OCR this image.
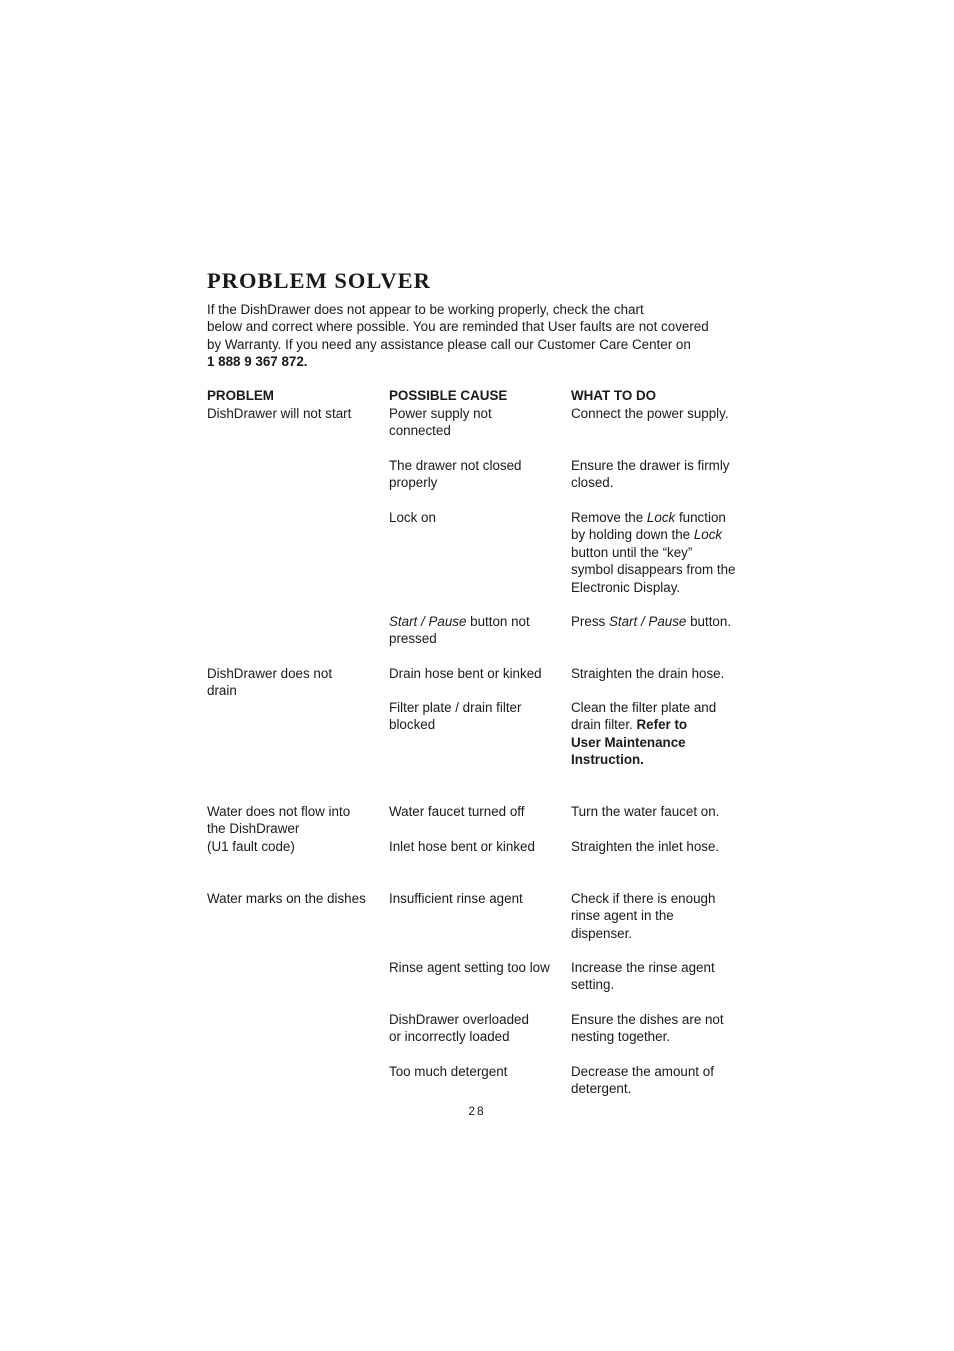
PROBLEM SOLVER
If the DishDrawer does not appear to be working properly, check the chart
below and correct where possible. You are reminded that User faults are not covered
by Warranty. If you need any assistance please call our Customer Care Center on
1 888 9 367 872.
PROBLEM	POSSIBLE CAUSE	WHAT TO DO
DishDrawer will not start
DishDrawer does not
drain
Water does not flow into
the DishDrawer
(U1 fault code)
Water marks on the dishes
Power supply not
connected
The drawer not closed
properly
Lock on
Start / Pause button not
pressed
Drain hose bent or kinked
Filter plate / drain filter
blocked
Water faucet turned off
Inlet hose bent or kinked
Insufficient rinse agent
Rinse agent setting too low
DishDrawer overloaded
or incorrectly loaded
Too much detergent
Connect the power supply.
Ensure the drawer is firmly
closed.
Remove the Lock function
by holding down the Lock
button until the “key”
symbol disappears from the
Electronic Display.
Press Start / Pause button.
Straighten the drain hose.
Clean the filter plate and
drain filter. Refer to
User Maintenance
Instruction.
Turn the water faucet on.
Straighten the inlet hose.
Check if there is enough
rinse agent in the
dispenser.
Increase the rinse agent
setting.
Ensure the dishes are not
nesting together.
Decrease the amount of
detergent.
28
